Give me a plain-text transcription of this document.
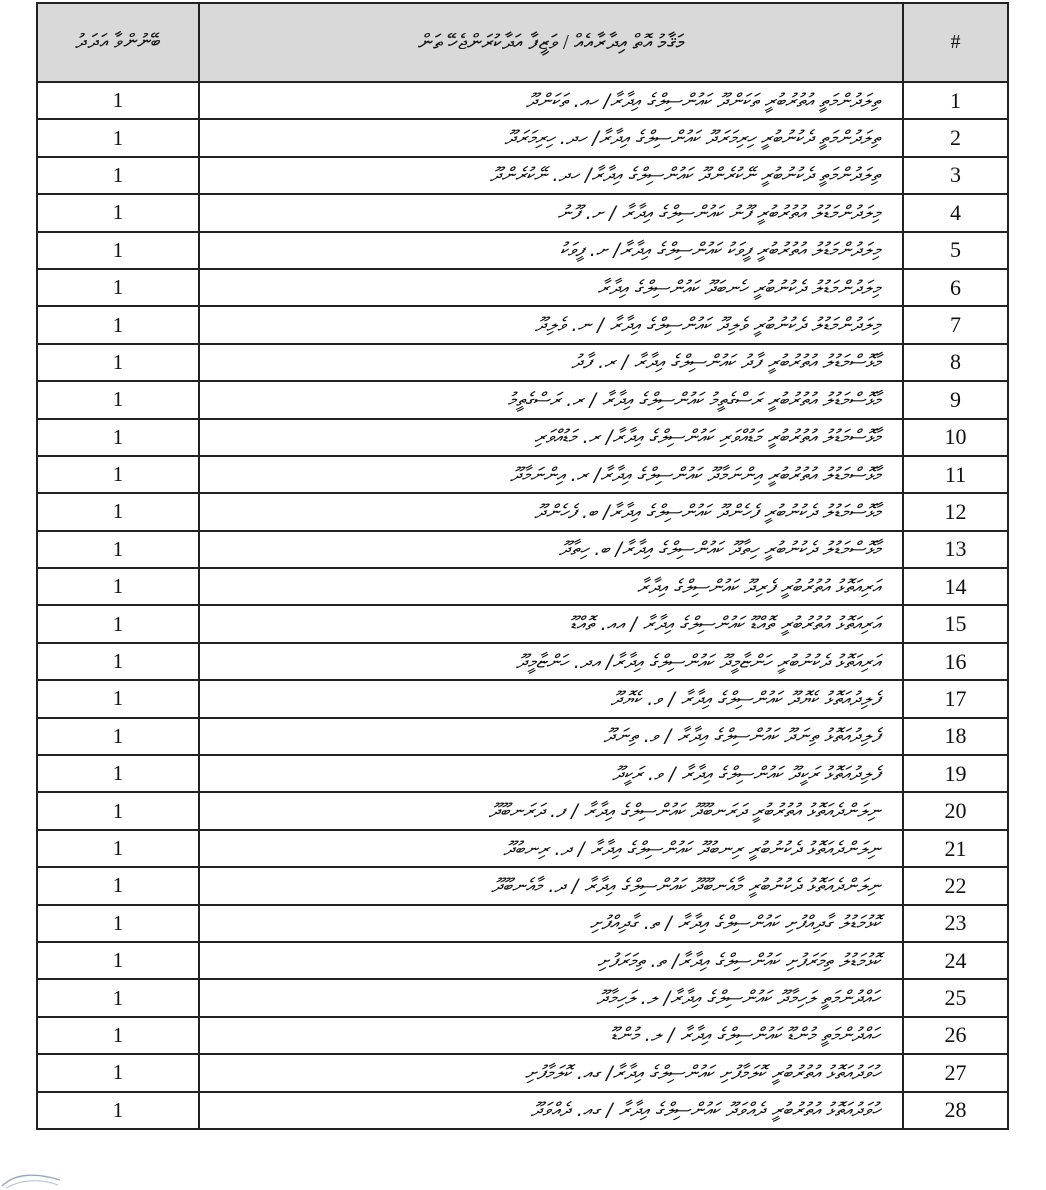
ބޭނުންވާ އަދަދު	މަޤާމު އޮތް އިދާރާއެއް / ވަޒީފާ އަދާކުރަންޖެހޭ ތަން	#
1	ތިލަދުންމަތީ އުތުރުބުރީ ތަކަންދޫ ކައުންސިލްގެ އިދާރާ/ ހއ. ތަކަންދޫ	1
1	ތިލަދުންމަތީ ދެކުނުބުރީ ހިރިމަރަދޫ ކައުންސިލްގެ އިދާރާ/ ހދ. ހިރިމަރަދޫ	2
1	ތިލަދުންމަތީ ދެކުނުބުރީ ނޭކުރެންދޫ ކައުންސިލްގެ އިދާރާ/ ހދ. ނޭކުރެންދޫ	3
1	މިލަދުންމަޑުލު އުތުރުބުރީ ފޫނު ކައުންސިލްގެ އިދާރާ / ށ. ފޫނު	4
1	މިލަދުންމަޑުލު އުތުރުބުރީ ފީވަކު ކައުންސިލްގެ އިދާރާ/ ށ. ފީވަކު	5
1	މިލަދުންމަޑުލު ދެކުނުބުރީ ހެނބަދޫ ކައުންސިލްގެ އިދާރާ	6
1	މިލަދުންމަޑުލު ދެކުނުބުރީ ވެލިދޫ ކައުންސިލްގެ އިދާރާ / ނ. ވެލިދޫ	7
1	މާޅޮސްމަޑުލު އުތުރުބުރީ ފާދު ކައުންސިލްގެ އިދާރާ / ރ. ފާދު	8
1	މާޅޮސްމަޑުލު އުތުރުބުރީ ރަސްގެތީމު ކައުންސިލްގެ އިދާރާ / ރ. ރަސްގެތީމު	9
1	މާޅޮސްމަޑުލު އުތުރުބުރީ މަޑުއްވަރި ކައުންސިލްގެ އިދާރާ/ ރ. މަޑުއްވަރި	10
1	މާޅޮސްމަޑުލު އުތުރުބުރީ އިންނަމާދޫ ކައުންސިލްގެ އިދާރާ/ ރ. އިންނަމާދޫ	11
1	މާޅޮސްމަޑުލު ދެކުނުބުރީ ފެހެންދޫ ކައުންސިލްގެ އިދާރާ/ ބ. ފެހެންދޫ	12
1	މާޅޮސްމަޑުލު ދެކުނުބުރީ ހިތާދޫ ކައުންސިލްގެ އިދާރާ/ ބ. ހިތާދޫ	13
1	އަރިއަތޮޅު އުތުރުބުރީ ފެރިދޫ ކައުންސިލްގެ އިދާރާ	14
1	އަރިއަތޮޅު އުތުރުބުރީ ތޮއްޑޫ ކައުންސިލްގެ އިދާރާ / އއ. ތޮއްޑޫ	15
1	އަރިއަތޮޅު ދެކުނުބުރީ ހަންޏާމީދޫ ކައުންސިލްގެ އިދާރާ/ އދ. ހަންޏާމީދޫ	16
1	ފެލިދުއަތޮޅު ކެޔޮދޫ ކައުންސިލްގެ އިދާރާ / ވ. ކެޔޮދޫ	17
1	ފެލިދުއަތޮޅު ތިނަދޫ ކައުންސިލްގެ އިދާރާ / ވ. ތިނަދޫ	18
1	ފެލިދުއަތޮޅު ރަކީދޫ ކައުންސިލްގެ އިދާރާ / ވ. ރަކީދޫ	19
1	ނިލަންދެއަތޮޅު އުތުރުބުރީ ދަރަނބޫދޫ ކައުންސިލްގެ އިދާރާ / ފ. ދަރަނބޫދޫ	20
1	ނިލަންދެއަތޮޅު ދެކުނުބުރީ ރިނބުދޫ ކައުންސިލްގެ އިދާރާ / ދ. ރިނބުދޫ	21
1	ނިލަންދެއަތޮޅު ދެކުނުބުރީ މާއެނބޫދޫ ކައުންސިލްގެ އިދާރާ / ދ. މާއެނބޫދޫ	22
1	ކޮޅުމަޑުލު ގާދިއްފުށި ކައުންސިލްގެ އިދާރާ / ތ. ގާދިއްފުށި	23
1	ކޮޅުމަޑުލު ތިމަރަފުށި ކައުންސިލްގެ އިދާރާ/ ތ. ތިމަރަފުށި	24
1	ހައްދުންމަތީ ލަހިމާދޫ ކައުންސިލްގެ އިދާރާ/ ލ. ލަހިމާދޫ	25
1	ހައްދުންމަތީ މުންޑޫ ކައުންސިލްގެ އިދާރާ / ލ. މުންޑޫ	26
1	ހުވަދުއަތޮޅު އުތުރުބުރީ ކޮލަމާފުށި ކައުންސިލްގެ އިދާރާ/ ގއ. ކޮލަމާފުށި	27
1	ހުވަދުއަތޮޅު އުތުރުބުރީ ދެއްވަދޫ ކައުންސިލްގެ އިދާރާ / ގއ. ދެއްވަދޫ	28
